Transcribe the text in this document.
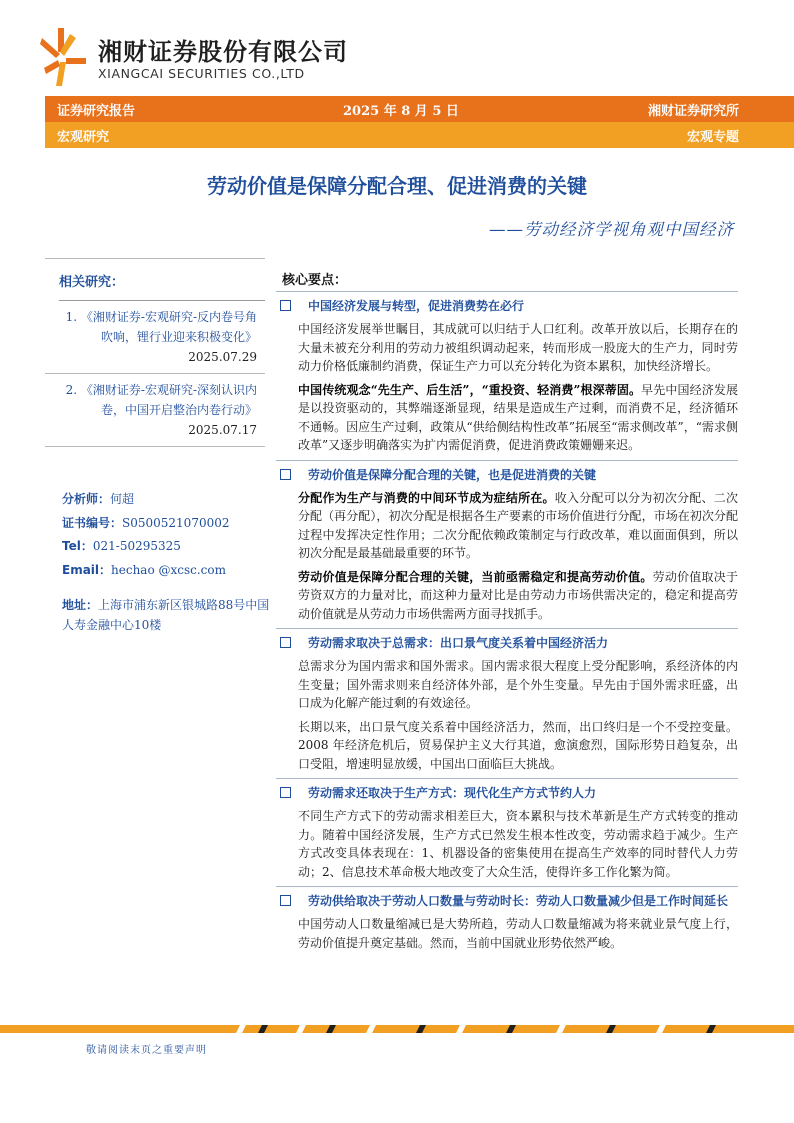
湘财证券股份有限公司
XIANGCAI SECURITIES CO.,LTD
证券研究报告	2025 年 8 月 5 日	湘财证券研究所
宏观研究	宏观专题
劳动价值是保障分配合理、促进消费的关键
——劳动经济学视角观中国经济
相关研究：
1. 《湘财证券-宏观研究-反内卷号角吹响，锂行业迎来积极变化》
2025.07.29
2. 《湘财证券-宏观研究-深刻认识内卷，中国开启整治内卷行动》
2025.07.17
分析师：何超
证书编号：S0500521070002
Tel：021-50295325
Email：hechao @xcsc.com
地址：上海市浦东新区银城路88号中国人寿金融中心10楼
核心要点：
中国经济发展与转型，促进消费势在必行
中国经济发展举世瞩目，其成就可以归结于人口红利。改革开放以后，长期存在的大量未被充分利用的劳动力被组织调动起来，转而形成一股庞大的生产力，同时劳动力价格低廉制约消费，保证生产力可以充分转化为资本累积，加快经济增长。
中国传统观念“先生产、后生活”，“重投资、轻消费”根深蒂固。早先中国经济发展是以投资驱动的，其弊端逐渐显现，结果是造成生产过剩，而消费不足，经济循环不通畅。因应生产过剩，政策从“供给侧结构性改革”拓展至“需求侧改革”，“需求侧改革”又逐步明确落实为扩内需促消费，促进消费政策姗姗来迟。
劳动价值是保障分配合理的关键，也是促进消费的关键
分配作为生产与消费的中间环节成为症结所在。收入分配可以分为初次分配、二次分配（再分配），初次分配是根据各生产要素的市场价值进行分配，市场在初次分配过程中发挥决定性作用；二次分配依赖政策制定与行政改革，难以面面俱到，所以初次分配是最基础最重要的环节。
劳动价值是保障分配合理的关键，当前亟需稳定和提高劳动价值。劳动价值取决于劳资双方的力量对比，而这种力量对比是由劳动力市场供需决定的，稳定和提高劳动价值就是从劳动力市场供需两方面寻找抓手。
劳动需求取决于总需求：出口景气度关系着中国经济活力
总需求分为国内需求和国外需求。国内需求很大程度上受分配影响，系经济体的内生变量；国外需求则来自经济体外部，是个外生变量。早先由于国外需求旺盛，出口成为化解产能过剩的有效途径。
长期以来，出口景气度关系着中国经济活力，然而，出口终归是一个不受控变量。2008 年经济危机后，贸易保护主义大行其道，愈演愈烈，国际形势日趋复杂，出口受阻，增速明显放缓，中国出口面临巨大挑战。
劳动需求还取决于生产方式：现代化生产方式节约人力
不同生产方式下的劳动需求相差巨大，资本累积与技术革新是生产方式转变的推动力。随着中国经济发展，生产方式已然发生根本性改变，劳动需求趋于减少。生产方式改变具体表现在：1、机器设备的密集使用在提高生产效率的同时替代人力劳动；2、信息技术革命极大地改变了大众生活，使得许多工作化繁为简。
劳动供给取决于劳动人口数量与劳动时长：劳动人口数量减少但是工作时间延长
中国劳动人口数量缩减已是大势所趋，劳动人口数量缩减为将来就业景气度上行，劳动价值提升奠定基础。然而，当前中国就业形势依然严峻。
敬请阅读末页之重要声明
